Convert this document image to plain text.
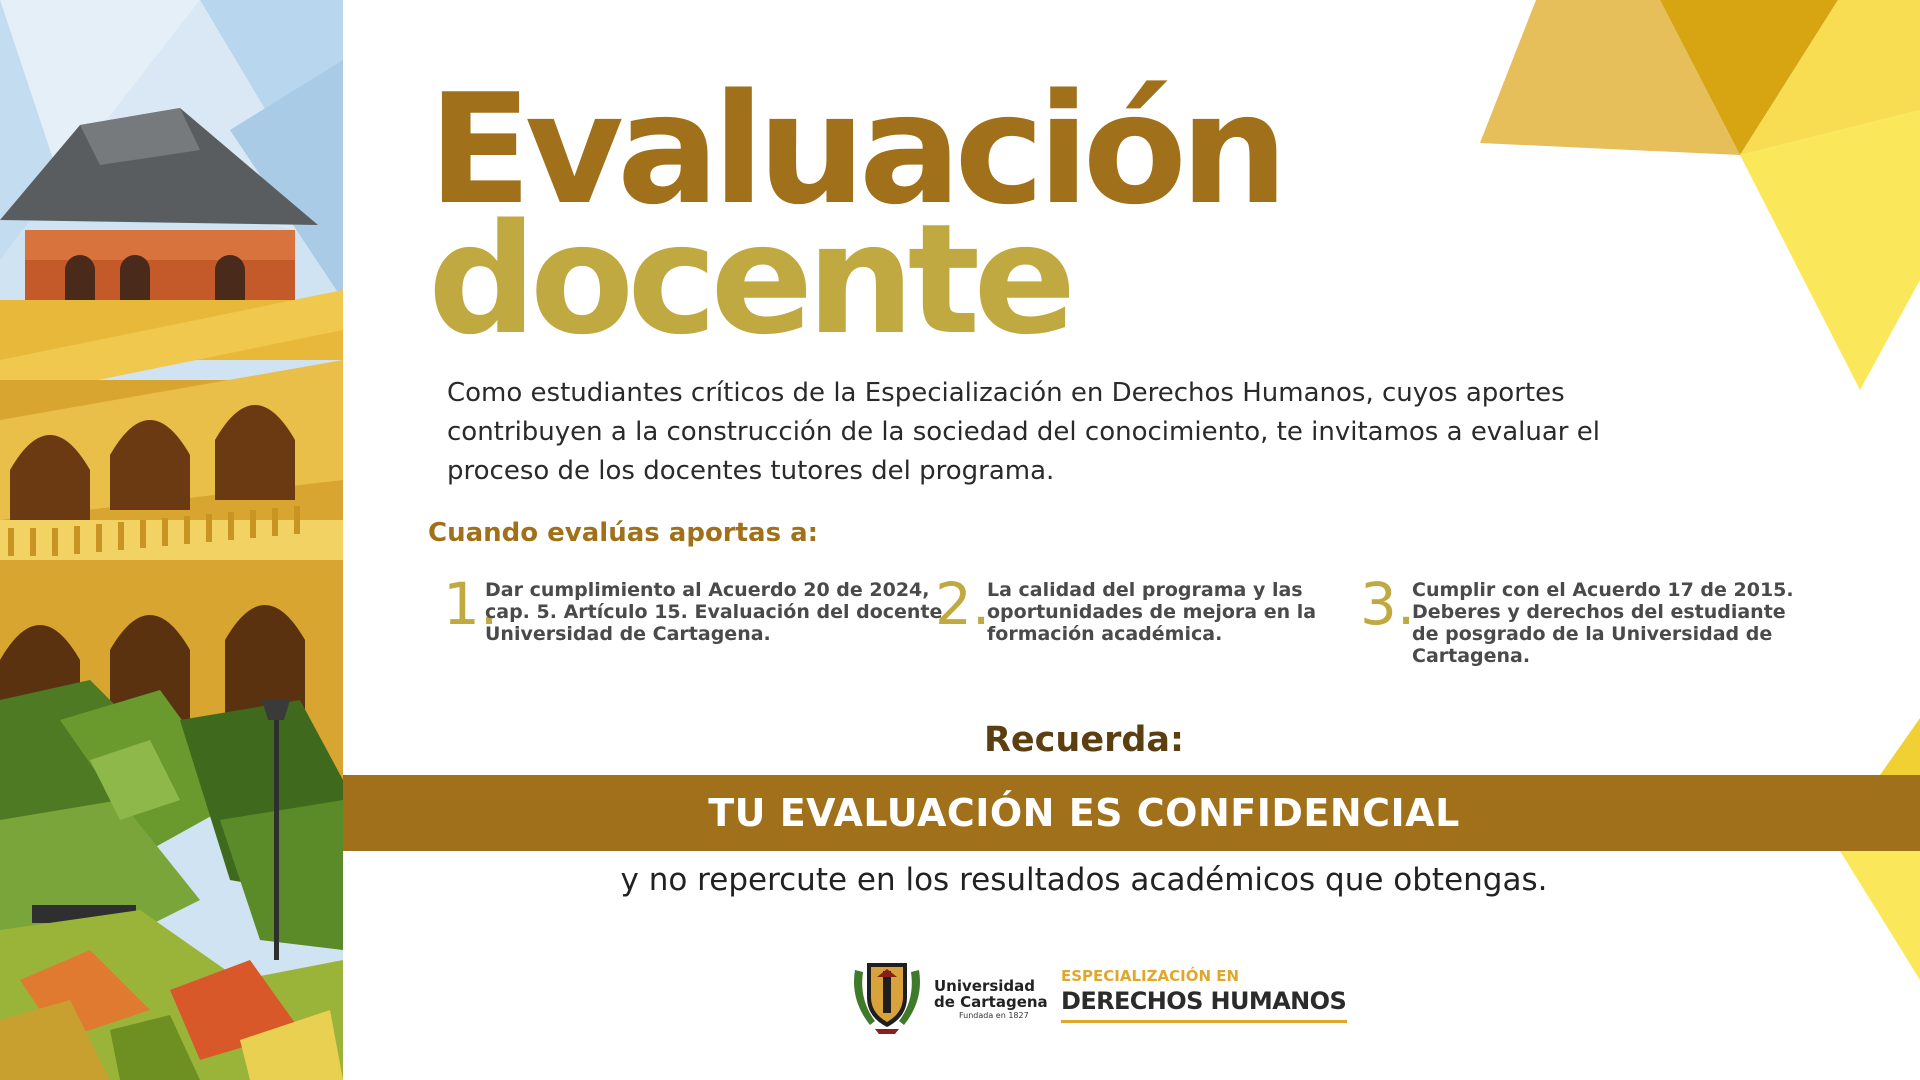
Evaluación
docente

Como estudiantes críticos de la Especialización en Derechos Humanos, cuyos aportes contribuyen a la construcción de la sociedad del conocimiento, te invitamos a evaluar el proceso de los docentes tutores del programa.

Cuando evalúas aportas a:
1.

Dar cumplimiento al Acuerdo 20 de 2024, cap. 5. Artículo 15. Evaluación del docente. Universidad de Cartagena.	2.

La calidad del programa y las oportunidades de mejora en la formación académica.	3.

Cumplir con el Acuerdo 17 de 2015. Deberes y derechos del estudiante de posgrado de la Universidad de Cartagena.

Recuerda:

TU EVALUACIÓN ES CONFIDENCIAL

y no repercute en los resultados académicos que obtengas.

Universidad
de Cartagena

Fundada en 1827
ESPECIALIZACIÓN EN
DERECHOS HUMANOS
